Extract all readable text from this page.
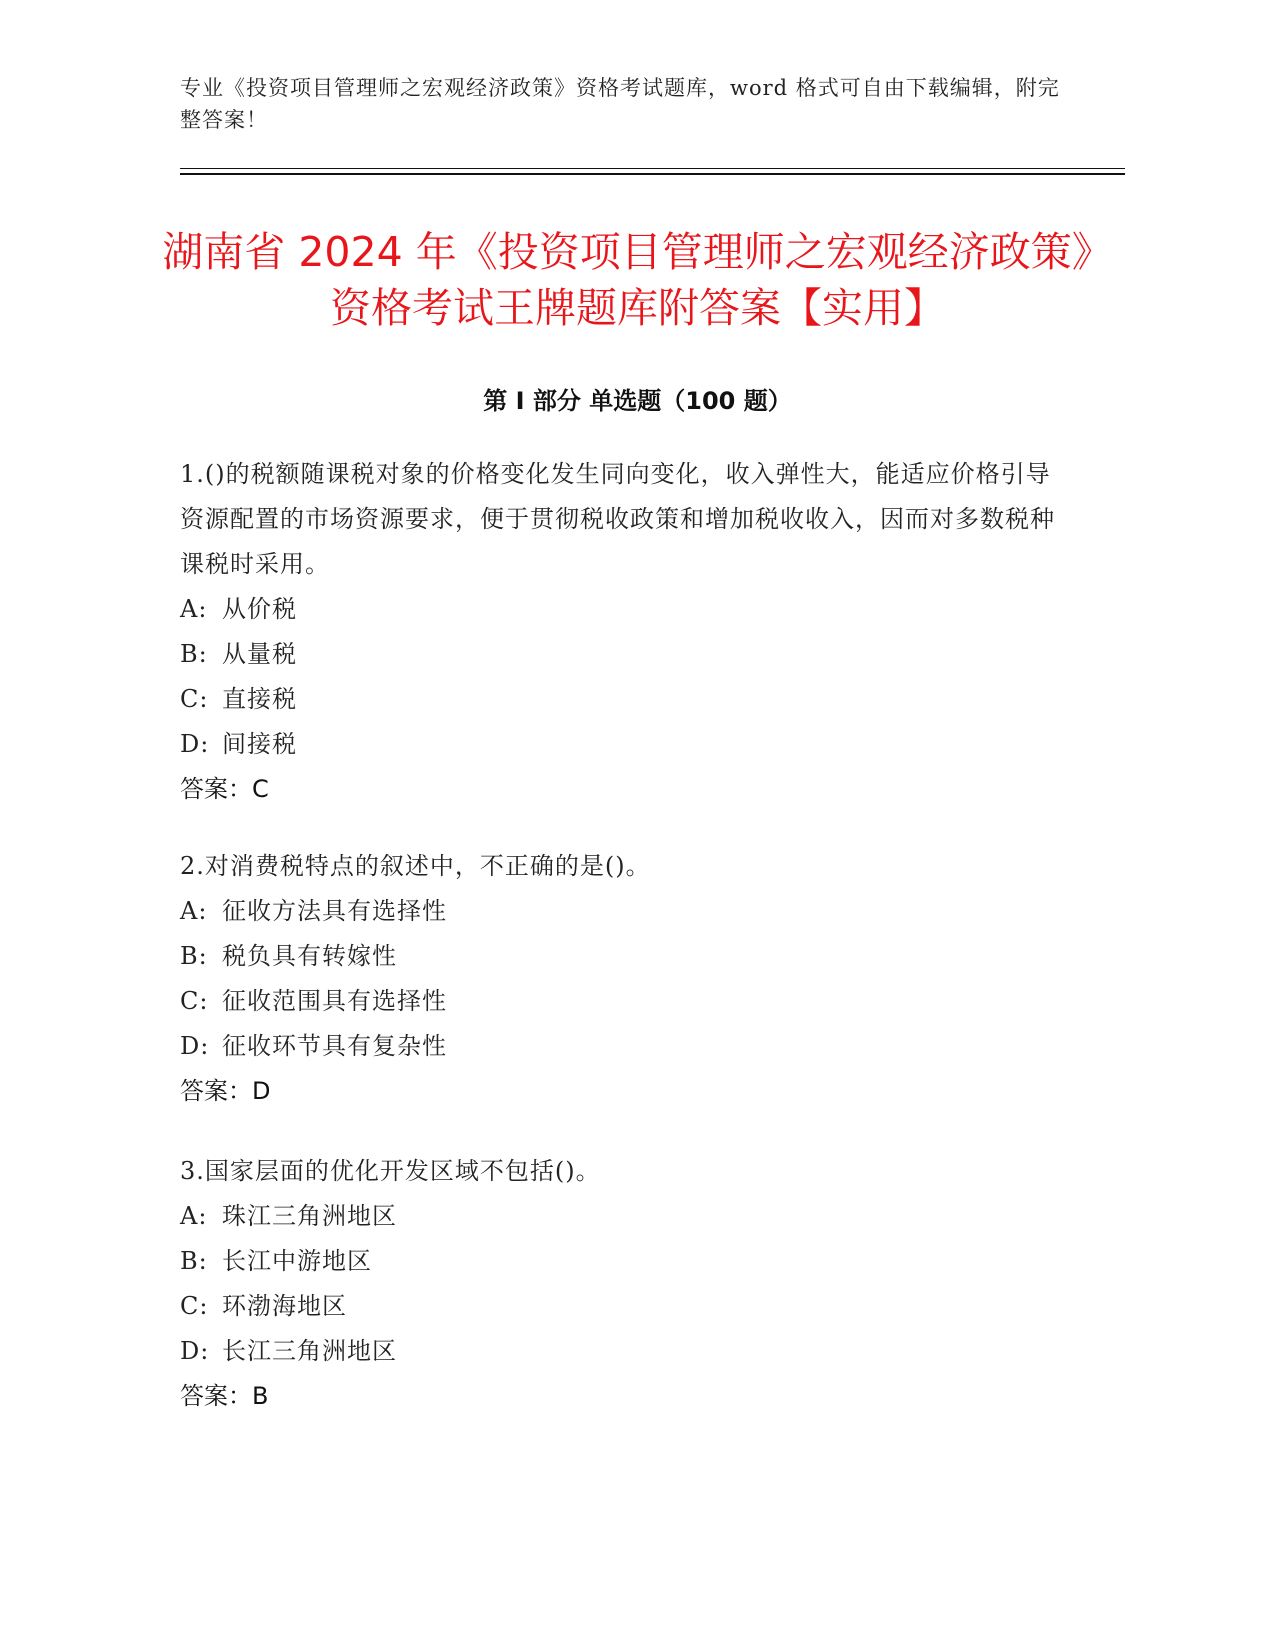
专业《投资项目管理师之宏观经济政策》资格考试题库，word 格式可自由下载编辑，附完整答案！
湖南省 2024 年《投资项目管理师之宏观经济政策》资格考试王牌题库附答案【实用】
第 I 部分 单选题（100 题）

1.()的税额随课税对象的价格变化发生同向变化，收入弹性大，能适应价格引导资源配置的市场资源要求，便于贯彻税收政策和增加税收收入，因而对多数税种课税时采用。

A: 从价税

B: 从量税

C: 直接税

D: 间接税

答案：C

2.对消费税特点的叙述中，不正确的是()。

A: 征收方法具有选择性

B: 税负具有转嫁性

C: 征收范围具有选择性

D: 征收环节具有复杂性

答案：D

3.国家层面的优化开发区域不包括()。

A: 珠江三角洲地区

B: 长江中游地区

C: 环渤海地区

D: 长江三角洲地区

答案：B
